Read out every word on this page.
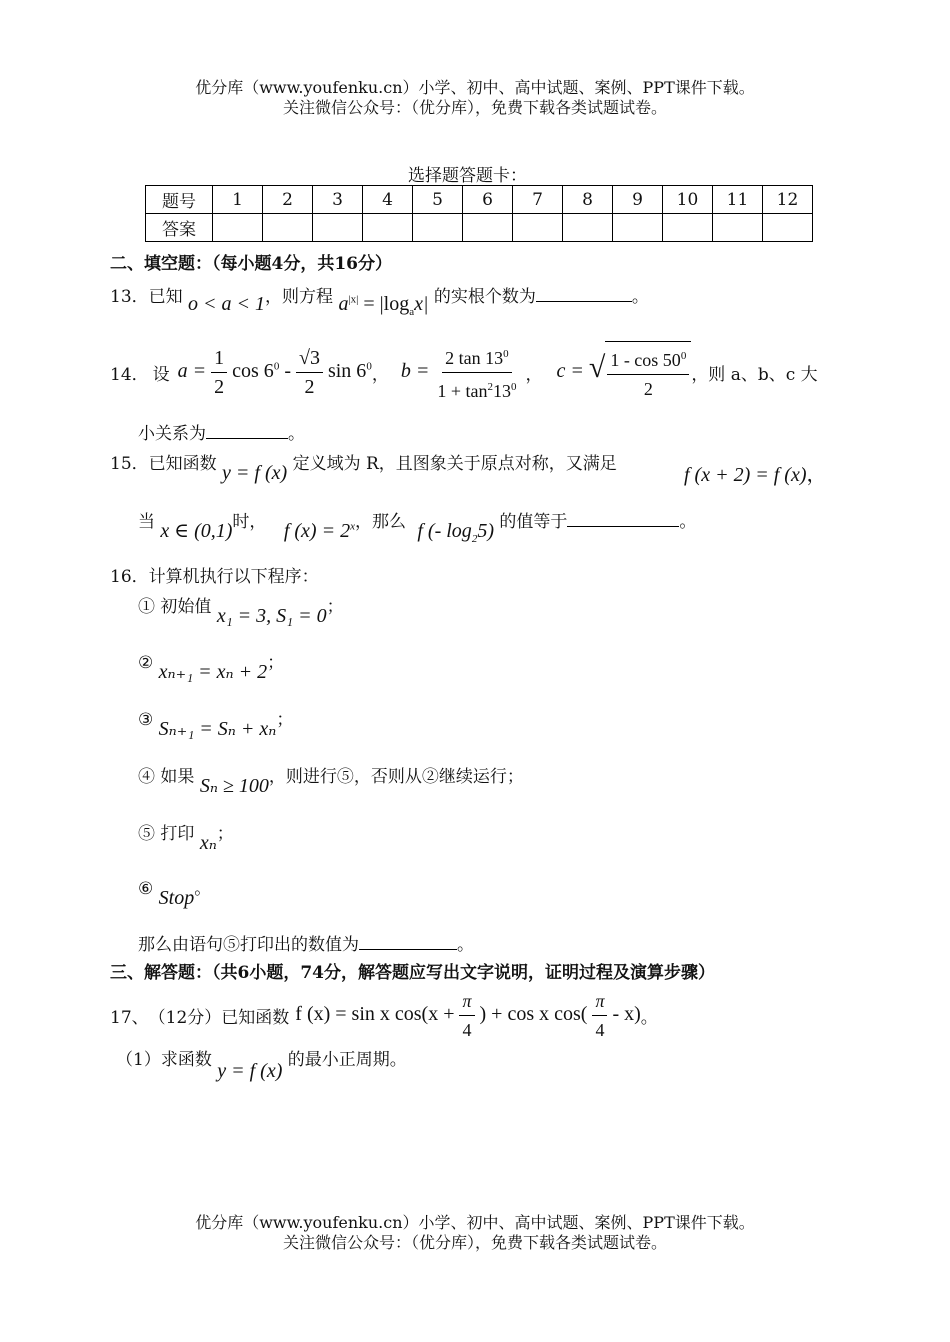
优分库（www.youfenku.cn）小学、初中、高中试题、案例、PPT课件下载。
关注微信公众号：（优分库），免费下载各类试题试卷。
选择题答题卡：
题号	1	2	3	4	5	6	7	8	9	10	11	12
答案												
二、填空题：（每小题4分，共16分）
13．已知 o < a < 1，则方程 $a^{|x|} = |\log_ax|$ 的实根个数为	。
14． 设 $a = \frac{1}{2}$ $\cos 6^0 - \frac{√3}{2}$ $\sin 6^0$ ， $b = \frac{2 \tan 13^0}{1 + \tan^213^0}$ ， c = √ $\frac{1 - \cos 50^0}{2}$ ，则 a、b、c 大
小关系为	。
15．已知函数 y = f (x) 定义域为 R，且图象关于原点对称，又满足	f (x + 2) = f (x)，
当 x ∈ (0,1)时， f $(x) = 2^x$，那么 f (- $\log_25$) 的值等于	。
16．计算机执行以下程序：
① 初始值 x₁ = 3, S₁ = 0；
② xₙ₊₁ = xₙ + 2；
③ Sₙ₊₁ = Sₙ + xₙ；
④ 如果 Sₙ ≥ 100，则进行⑤，否则从②继续运行；
⑤ 打印 xₙ；
⑥ Stop。
那么由语句⑤打印出的数值为	。
三、解答题：（共6小题，74分，解答题应写出文字说明，证明过程及演算步骤）
17、 （12分）已知函数 f (x) = sin x $\cos(x + \frac{\pi}{4}$ ) + cos x $\cos( \frac{\pi}{4} - x)$ 。
（1）求函数 y = f (x) 的最小正周期。
优分库（www.youfenku.cn）小学、初中、高中试题、案例、PPT课件下载。
关注微信公众号：（优分库），免费下载各类试题试卷。
